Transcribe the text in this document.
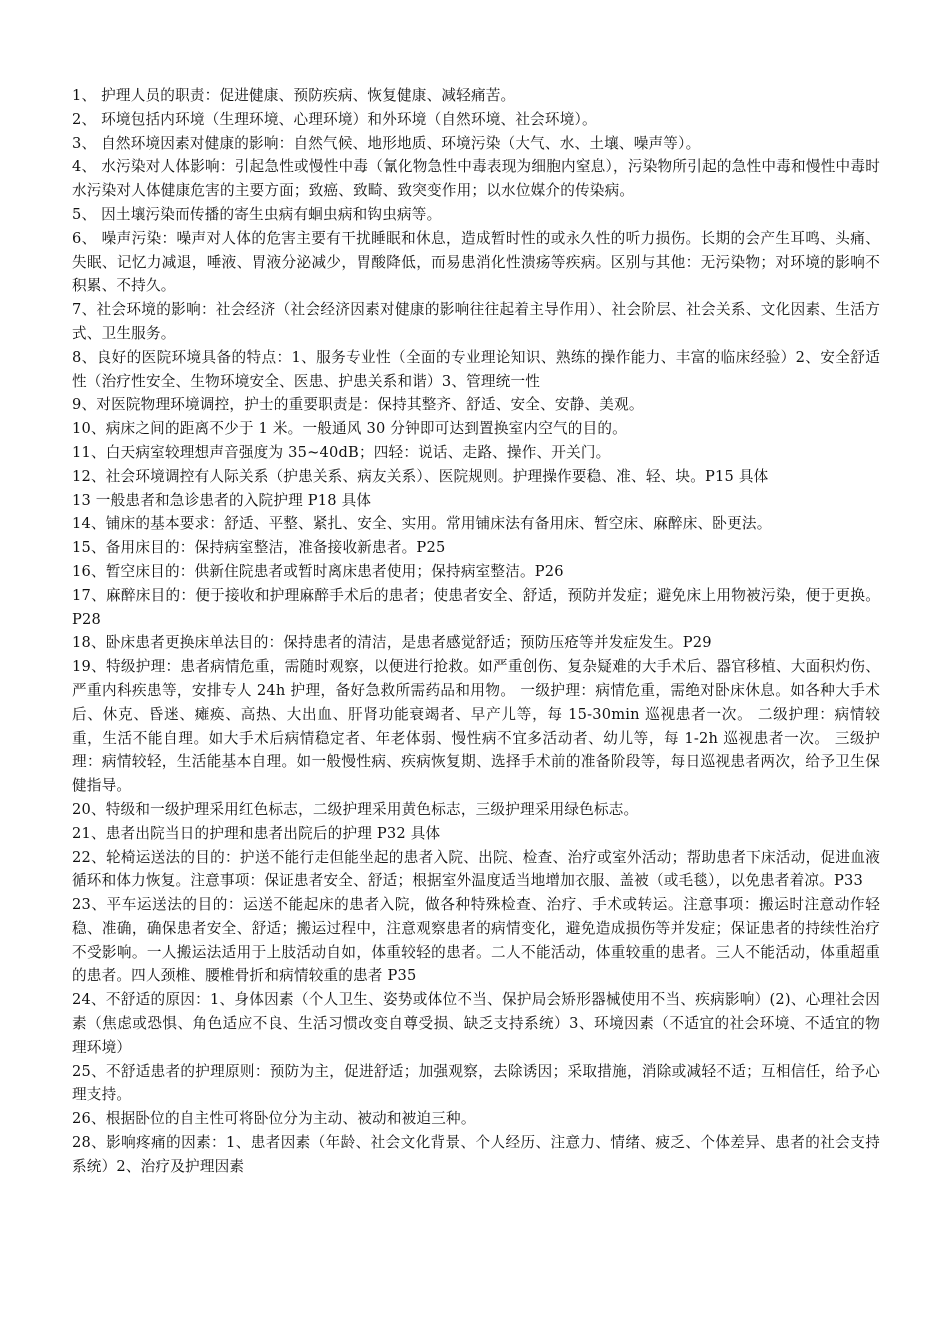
1、 护理人员的职责：促进健康、预防疾病、恢复健康、减轻痛苦。

2、 环境包括内环境（生理环境、心理环境）和外环境（自然环境、社会环境）。

3、 自然环境因素对健康的影响：自然气候、地形地质、环境污染（大气、水、土壤、噪声等）。

4、 水污染对人体影响：引起急性或慢性中毒（氰化物急性中毒表现为细胞内窒息），污染物所引起的急性中毒和慢性中毒时水污染对人体健康危害的主要方面；致癌、致畸、致突变作用；以水位媒介的传染病。

5、 因土壤污染而传播的寄生虫病有蛔虫病和钩虫病等。

6、 噪声污染：噪声对人体的危害主要有干扰睡眠和休息，造成暂时性的或永久性的听力损伤。长期的会产生耳鸣、头痛、失眠、记忆力减退，唾液、胃液分泌减少，胃酸降低，而易患消化性溃疡等疾病。区别与其他：无污染物；对环境的影响不积累、不持久。

7、社会环境的影响：社会经济（社会经济因素对健康的影响往往起着主导作用）、社会阶层、社会关系、文化因素、生活方式、卫生服务。

8、良好的医院环境具备的特点：1、服务专业性（全面的专业理论知识、熟练的操作能力、丰富的临床经验）2、安全舒适性（治疗性安全、生物环境安全、医患、护患关系和谐）3、管理统一性

9、对医院物理环境调控，护士的重要职责是：保持其整齐、舒适、安全、安静、美观。

10、病床之间的距离不少于 1 米。一般通风 30 分钟即可达到置换室内空气的目的。

11、白天病室较理想声音强度为 35~40dB；四轻：说话、走路、操作、开关门。

12、社会环境调控有人际关系（护患关系、病友关系）、医院规则。护理操作要稳、准、轻、块。P15 具体

13 一般患者和急诊患者的入院护理 P18 具体

14、铺床的基本要求：舒适、平整、紧扎、安全、实用。常用铺床法有备用床、暂空床、麻醉床、卧更法。

15、备用床目的：保持病室整洁，准备接收新患者。P25

16、暂空床目的：供新住院患者或暂时离床患者使用；保持病室整洁。P26

17、麻醉床目的：便于接收和护理麻醉手术后的患者；使患者安全、舒适，预防并发症；避免床上用物被污染，便于更换。P28

18、卧床患者更换床单法目的：保持患者的清洁，是患者感觉舒适；预防压疮等并发症发生。P29

19、特级护理：患者病情危重，需随时观察，以便进行抢救。如严重创伤、复杂疑难的大手术后、器官移植、大面积灼伤、严重内科疾患等，安排专人 24h 护理，备好急救所需药品和用物。 一级护理：病情危重，需绝对卧床休息。如各种大手术后、休克、昏迷、瘫痪、高热、大出血、肝肾功能衰竭者、早产儿等，每 15-30min 巡视患者一次。 二级护理：病情较重，生活不能自理。如大手术后病情稳定者、年老体弱、慢性病不宜多活动者、幼儿等，每 1-2h 巡视患者一次。 三级护理：病情较轻，生活能基本自理。如一般慢性病、疾病恢复期、选择手术前的准备阶段等，每日巡视患者两次，给予卫生保健指导。

20、特级和一级护理采用红色标志，二级护理采用黄色标志，三级护理采用绿色标志。

21、患者出院当日的护理和患者出院后的护理 P32 具体

22、轮椅运送法的目的：护送不能行走但能坐起的患者入院、出院、检查、治疗或室外活动；帮助患者下床活动，促进血液循环和体力恢复。注意事项：保证患者安全、舒适；根据室外温度适当地增加衣服、盖被（或毛毯），以免患者着凉。P33

23、平车运送法的目的：运送不能起床的患者入院，做各种特殊检查、治疗、手术或转运。注意事项：搬运时注意动作轻稳、准确，确保患者安全、舒适；搬运过程中，注意观察患者的病情变化，避免造成损伤等并发症；保证患者的持续性治疗不受影响。一人搬运法适用于上肢活动自如，体重较轻的患者。二人不能活动，体重较重的患者。三人不能活动，体重超重的患者。四人颈椎、腰椎骨折和病情较重的患者 P35

24、不舒适的原因：1、身体因素（个人卫生、姿势或体位不当、保护局会矫形器械使用不当、疾病影响）(2)、心理社会因素（焦虑或恐惧、角色适应不良、生活习惯改变自尊受损、缺乏支持系统）3、环境因素（不适宜的社会环境、不适宜的物理环境）

25、不舒适患者的护理原则：预防为主，促进舒适；加强观察，去除诱因；采取措施，消除或减轻不适；互相信任，给予心理支持。

26、根据卧位的自主性可将卧位分为主动、被动和被迫三种。

28、影响疼痛的因素：1、患者因素（年龄、社会文化背景、个人经历、注意力、情绪、疲乏、个体差异、患者的社会支持系统）2、治疗及护理因素
